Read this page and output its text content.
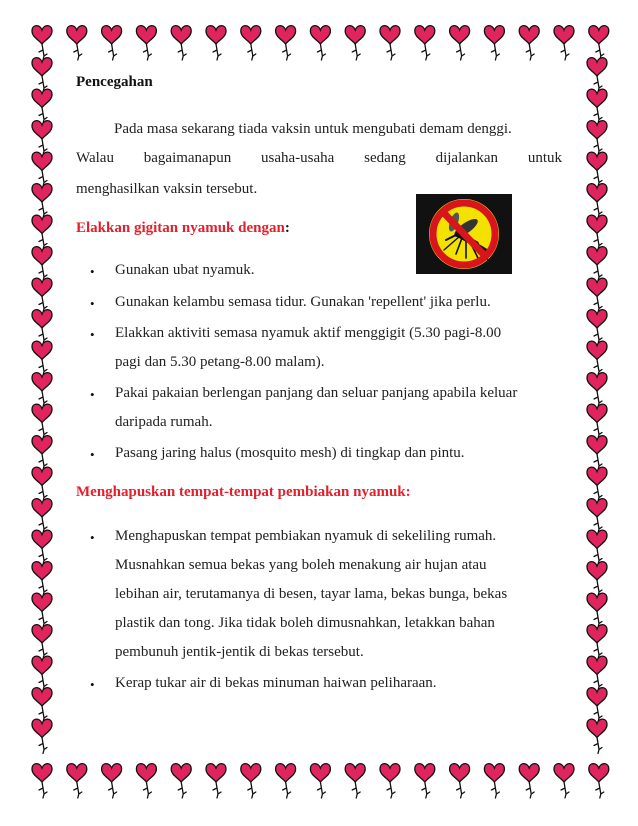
Pencegahan
Pada masa sekarang tiada vaksin untuk mengubati demam denggi.
Walau bagaimanapun usaha-usaha sedang dijalankan untuk
menghasilkan vaksin tersebut.
Elakkan gigitan nyamuk dengan:
• Gunakan ubat nyamuk.
• Gunakan kelambu semasa tidur. Gunakan 'repellent' jika perlu.
• Elakkan aktiviti semasa nyamuk aktif menggigit (5.30 pagi-8.00
pagi dan 5.30 petang-8.00 malam).
• Pakai pakaian berlengan panjang dan seluar panjang apabila keluar
daripada rumah.
• Pasang jaring halus (mosquito mesh) di tingkap dan pintu.
Menghapuskan tempat-tempat pembiakan nyamuk:
• Menghapuskan tempat pembiakan nyamuk di sekeliling rumah.
Musnahkan semua bekas yang boleh menakung air hujan atau
lebihan air, terutamanya di besen, tayar lama, bekas bunga, bekas
plastik dan tong. Jika tidak boleh dimusnahkan, letakkan bahan
pembunuh jentik-jentik di bekas tersebut.
• Kerap tukar air di bekas minuman haiwan peliharaan.
